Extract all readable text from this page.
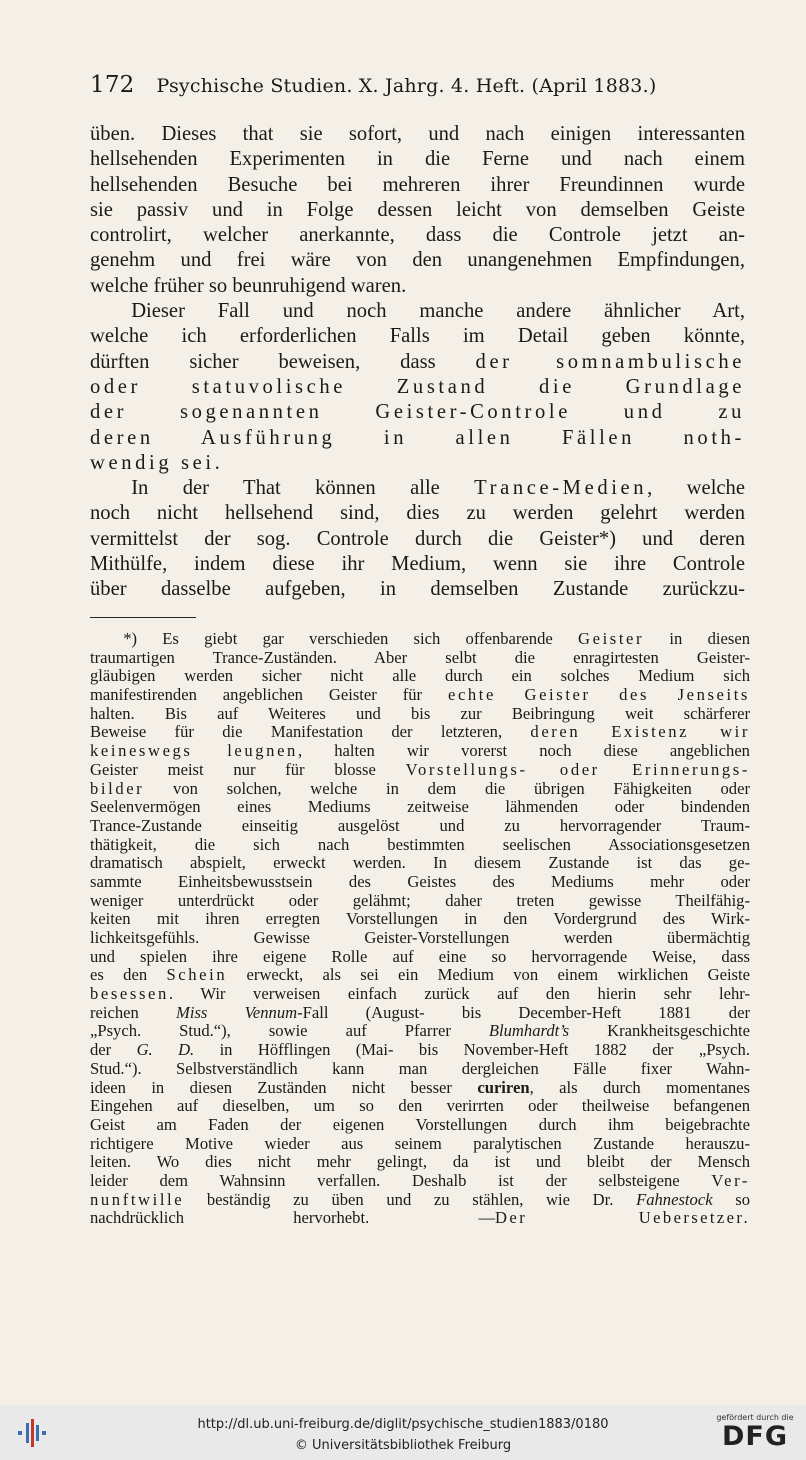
172 Psychische Studien. X. Jahrg. 4. Heft. (April 1883.)
üben. Dieses that sie sofort, und nach einigen interessanten
hellsehenden Experimenten in die Ferne und nach einem
hellsehenden Besuche bei mehreren ihrer Freundinnen wurde
sie passiv und in Folge dessen leicht von demselben Geiste
controlirt, welcher anerkannte, dass die Controle jetzt an-
genehm und frei wäre von den unangenehmen Empfindungen,
welche früher so beunruhigend waren.
  Dieser Fall und noch manche andere ähnlicher Art,
welche ich erforderlichen Falls im Detail geben könnte,
dürften sicher beweisen, dass der somnambulische
oder statuvolische Zustand die Grundlage
der sogenannten Geister-Controle und zu
deren Ausführung in allen Fällen noth-
wendig sei.
  In der That können alle Trance-Medien, welche
noch nicht hellsehend sind, dies zu werden gelehrt werden
vermittelst der sog. Controle durch die Geister*) und deren
Mithülfe, indem diese ihr Medium, wenn sie ihre Controle
über dasselbe aufgeben, in demselben Zustande zurückzu-
  *) Es giebt gar verschieden sich offenbarende Geister in diesen
traumartigen Trance-Zuständen. Aber selbt die enragirtesten Geister-
gläubigen werden sicher nicht alle durch ein solches Medium sich
manifestirenden angeblichen Geister für echte Geister des Jenseits
halten. Bis auf Weiteres und bis zur Beibringung weit schärferer
Beweise für die Manifestation der letzteren, deren Existenz wir
keineswegs leugnen, halten wir vorerst noch diese angeblichen
Geister meist nur für blosse Vorstellungs- oder Erinnerungs-
bilder von solchen, welche in dem die übrigen Fähigkeiten oder
Seelenvermögen eines Mediums zeitweise lähmenden oder bindenden
Trance-Zustande einseitig ausgelöst und zu hervorragender Traum-
thätigkeit, die sich nach bestimmten seelischen Associationsgesetzen
dramatisch abspielt, erweckt werden. In diesem Zustande ist das ge-
sammte Einheitsbewusstsein des Geistes des Mediums mehr oder
weniger unterdrückt oder gelähmt; daher treten gewisse Theilfähig-
keiten mit ihren erregten Vorstellungen in den Vordergrund des Wirk-
lichkeitsgefühls. Gewisse Geister-Vorstellungen werden übermächtig
und spielen ihre eigene Rolle auf eine so hervorragende Weise, dass
es den Schein erweckt, als sei ein Medium von einem wirklichen Geiste
besessen. Wir verweisen einfach zurück auf den hierin sehr lehr-
reichen Miss Vennum-Fall (August- bis December-Heft 1881 der
„Psych. Stud.“), sowie auf Pfarrer Blumhardt’s Krankheitsgeschichte
der G. D. in Höfflingen (Mai- bis November-Heft 1882 der „Psych.
Stud.“). Selbstverständlich kann man dergleichen Fälle fixer Wahn-
ideen in diesen Zuständen nicht besser curiren, als durch momentanes
Eingehen auf dieselben, um so den verirrten oder theilweise befangenen
Geist am Faden der eigenen Vorstellungen durch ihm beigebrachte
richtigere Motive wieder aus seinem paralytischen Zustande herauszu-
leiten. Wo dies nicht mehr gelingt, da ist und bleibt der Mensch
leider dem Wahnsinn verfallen. Deshalb ist der selbsteigene Ver-
nunftwille beständig zu üben und zu stählen, wie Dr. Fahnestock so
nachdrücklich hervorhebt. —Der Uebersetzer.
http://dl.ub.uni-freiburg.de/diglit/psychische_studien1883/0180
© Universitätsbibliothek Freiburg
gefördert durch die
DFG
